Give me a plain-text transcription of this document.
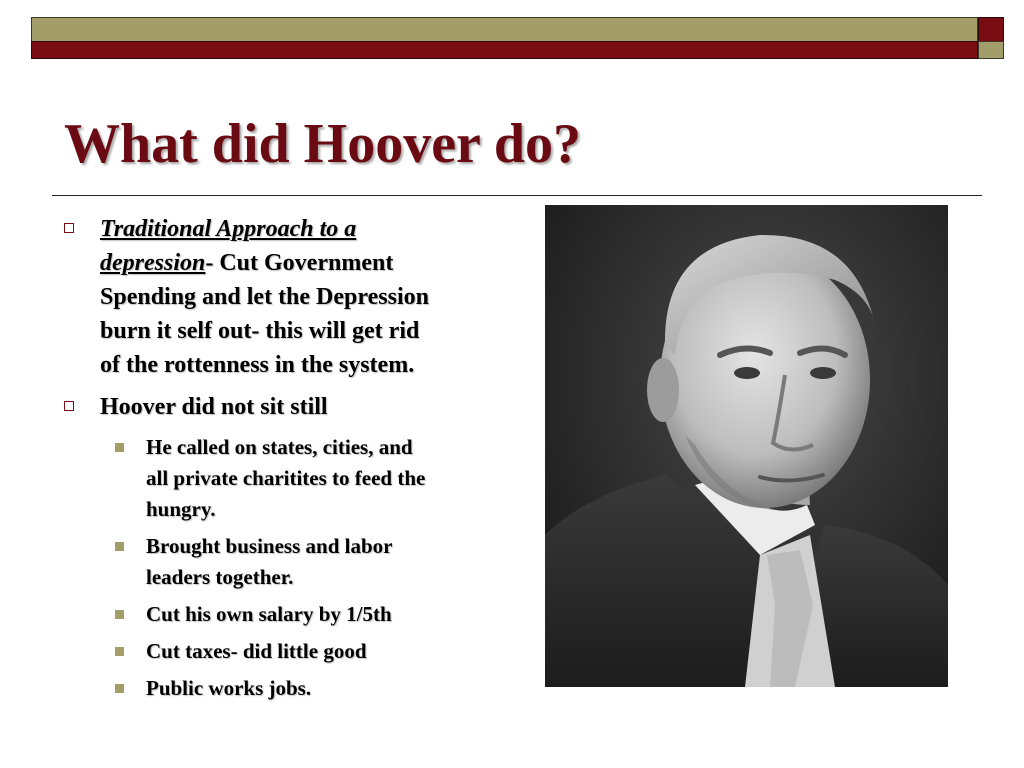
What did Hoover do?
Traditional Approach to a
depression- Cut Government
Spending and let the Depression
burn it self out- this will get rid
of the rottenness in the system.
Hoover did not sit still
He called on states, cities, and
all private charitites to feed the
hungry.
Brought business and labor
leaders together.
Cut his own salary by 1/5th
Cut taxes- did little good
Public works jobs.
